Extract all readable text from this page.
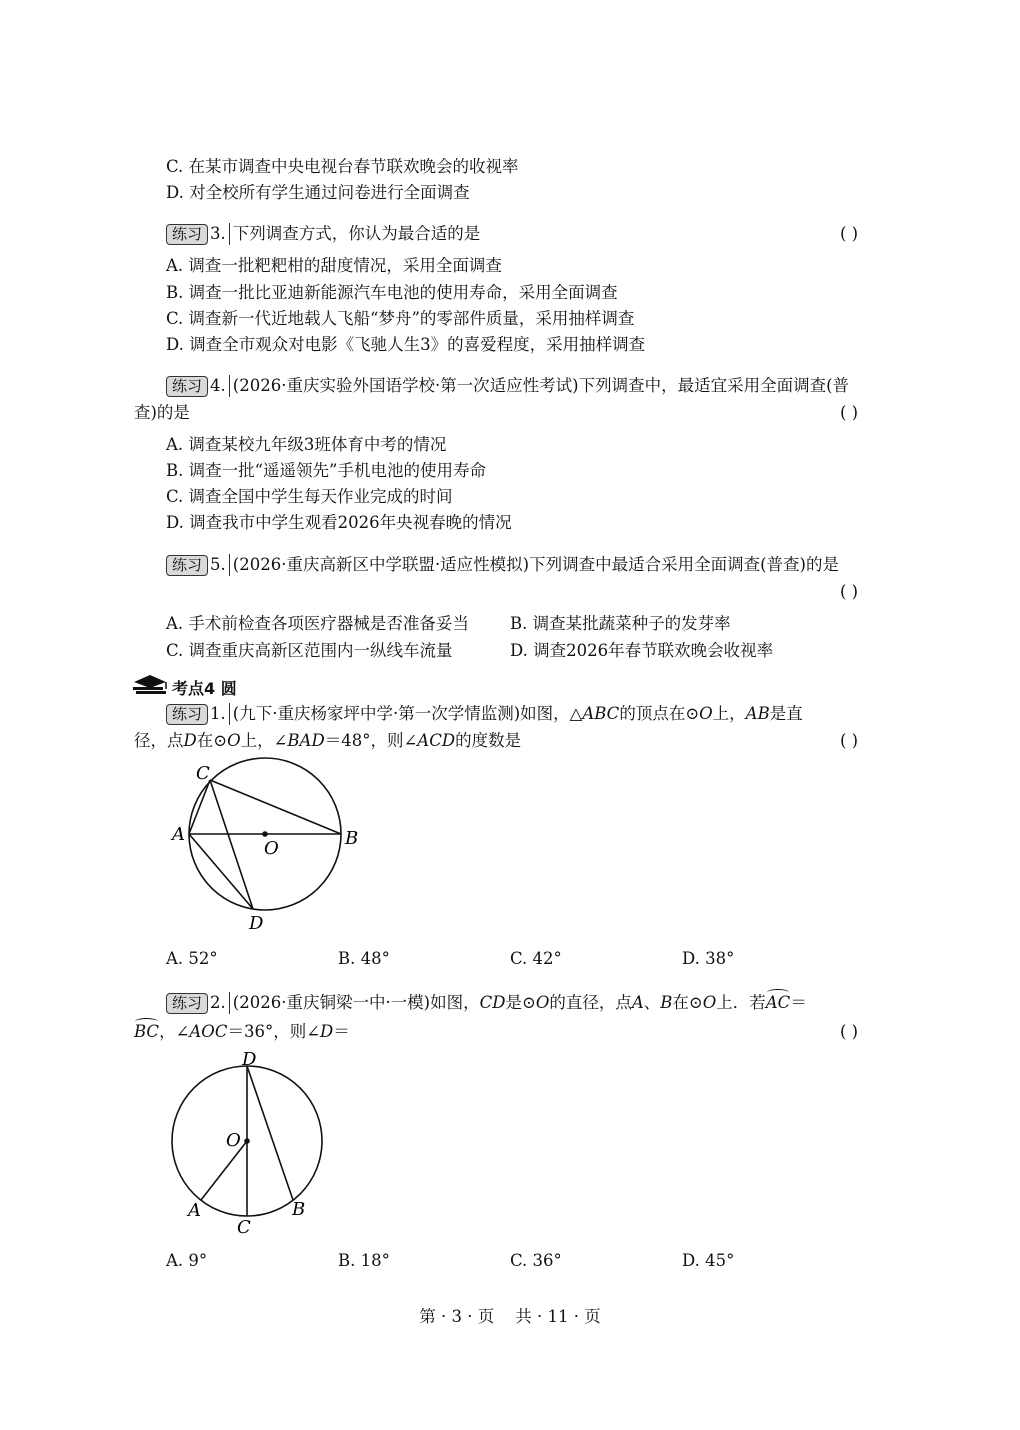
C. 在某市调查中央电视台春节联欢晚会的收视率
D. 对全校所有学生通过问卷进行全面调查
练习 3. 下列调查方式，你认为最合适的是	( )
A. 调查一批粑粑柑的甜度情况，采用全面调查
B. 调查一批比亚迪新能源汽车电池的使用寿命，采用全面调查
C. 调查新一代近地载人飞船“梦舟”的零部件质量，采用抽样调查
D. 调查全市观众对电影《飞驰人生3》的喜爱程度，采用抽样调查
练习 4. (2026·重庆实验外国语学校·第一次适应性考试)下列调查中，最适宜采用全面调查(普
查)的是	( )
A. 调查某校九年级3班体育中考的情况
B. 调查一批“遥遥领先”手机电池的使用寿命
C. 调查全国中学生每天作业完成的时间
D. 调查我市中学生观看2026年央视春晚的情况
练习 5. (2026·重庆高新区中学联盟·适应性模拟)下列调查中最适合采用全面调查(普查)的是
( )
A. 手术前检查各项医疗器械是否准备妥当 B. 调查某批蔬菜种子的发芽率
C. 调查重庆高新区范围内一纵线车流量	D. 调查2026年春节联欢晚会收视率
考点4 圆
练习 1. (九下·重庆杨家坪中学·第一次学情监测)如图，△ABC的顶点在⊙O上，AB是直
径，点D在⊙O上，∠BAD＝48°，则∠ACD的度数是	( )
C
A	B
O
D
A. 52°	B. 48°	C. 42°	D. 38°
练习 2. (2026·重庆铜梁一中·一模)如图，CD是⊙O的直径，点A、B在⊙O上．若AC＝
BC，∠AOC＝36°，则∠D＝	( )
D
O
A	B
C
A. 9°	B. 18°	C. 36°	D. 45°
第 · 3 · 页    共 · 11 · 页
